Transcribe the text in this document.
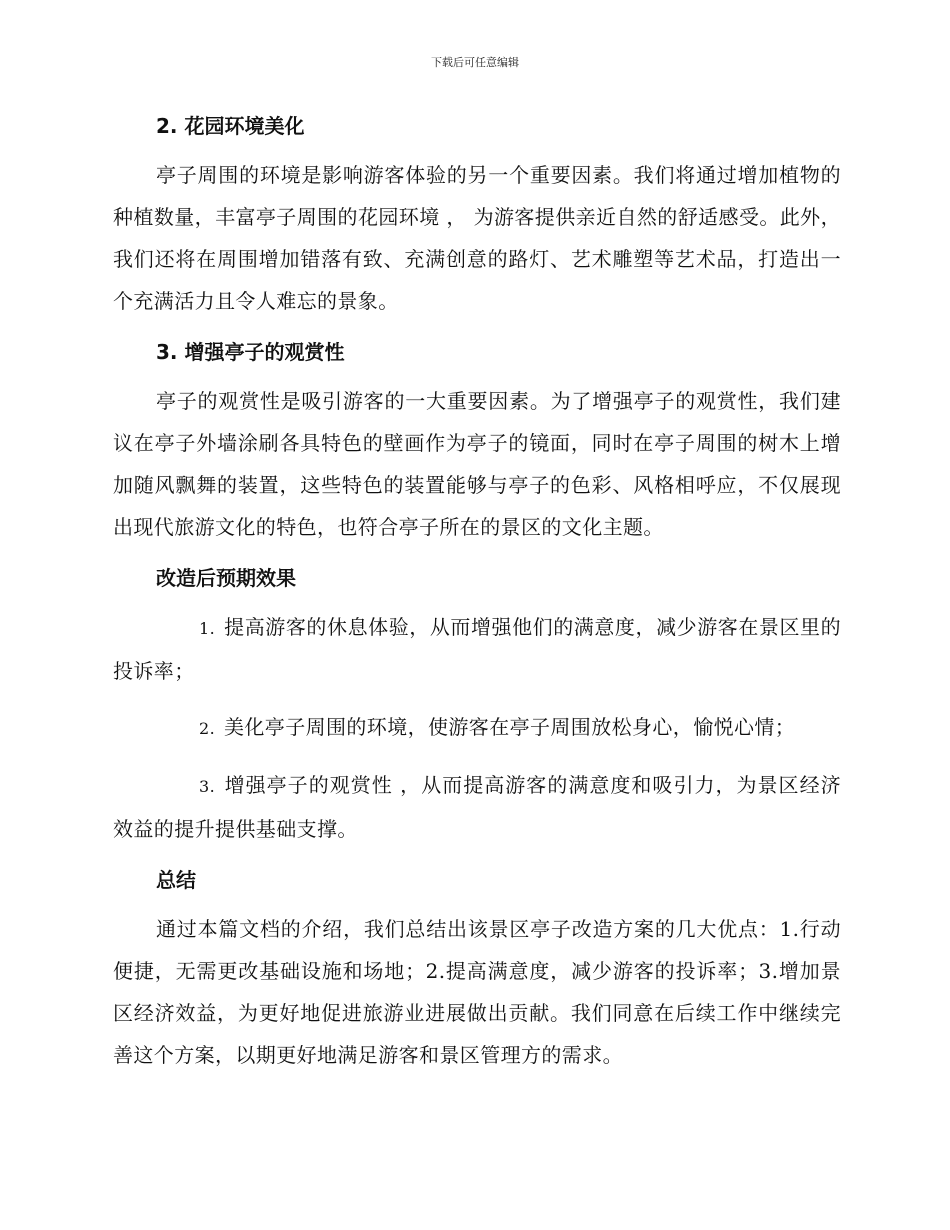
下载后可任意编辑
2. 花园环境美化

亭子周围的环境是影响游客体验的另一个重要因素。我们将通过增加植物的种植数量，丰富亭子周围的花园环境 ， 为游客提供亲近自然的舒适感受。此外，我们还将在周围增加错落有致、充满创意的路灯、艺术雕塑等艺术品，打造出一个充满活力且令人难忘的景象。

3. 增强亭子的观赏性

亭子的观赏性是吸引游客的一大重要因素。为了增强亭子的观赏性，我们建议在亭子外墙涂刷各具特色的壁画作为亭子的镜面，同时在亭子周围的树木上增加随风飘舞的装置，这些特色的装置能够与亭子的色彩、风格相呼应，不仅展现出现代旅游文化的特色，也符合亭子所在的景区的文化主题。

改造后预期效果

1. 提高游客的休息体验，从而增强他们的满意度，减少游客在景区里的投诉率；

2. 美化亭子周围的环境，使游客在亭子周围放松身心，愉悦心情；

3. 增强亭子的观赏性 ，从而提高游客的满意度和吸引力，为景区经济效益的提升提供基础支撑。

总结

通过本篇文档的介绍，我们总结出该景区亭子改造方案的几大优点：1.行动便捷，无需更改基础设施和场地；2.提高满意度，减少游客的投诉率；3.增加景区经济效益，为更好地促进旅游业进展做出贡献。我们同意在后续工作中继续完善这个方案，以期更好地满足游客和景区管理方的需求。
